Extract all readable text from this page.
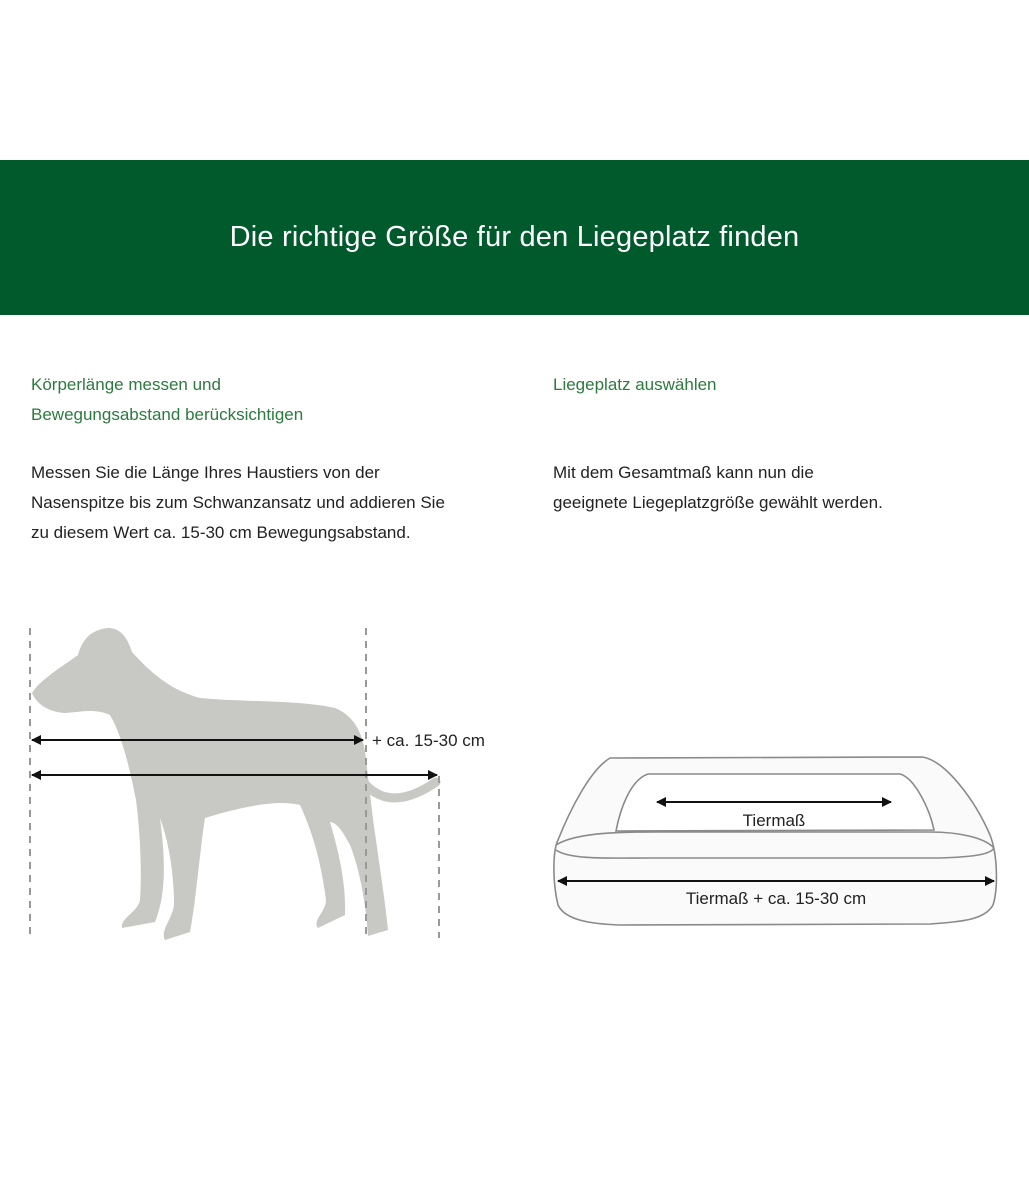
Die richtige Größe für den Liegeplatz finden
Körperlänge messen und
Bewegungsabstand berücksichtigen

Messen Sie die Länge Ihres Haustiers von der Nasenspitze bis zum Schwanzansatz und addieren Sie zu diesem Wert ca. 15-30 cm Bewegungsabstand.

Liegeplatz auswählen

Mit dem Gesamtmaß kann nun die geeignete Liegeplatzgröße gewählt werden.

+ ca. 15-30 cm
Tiermaß
Tiermaß + ca. 15-30 cm
